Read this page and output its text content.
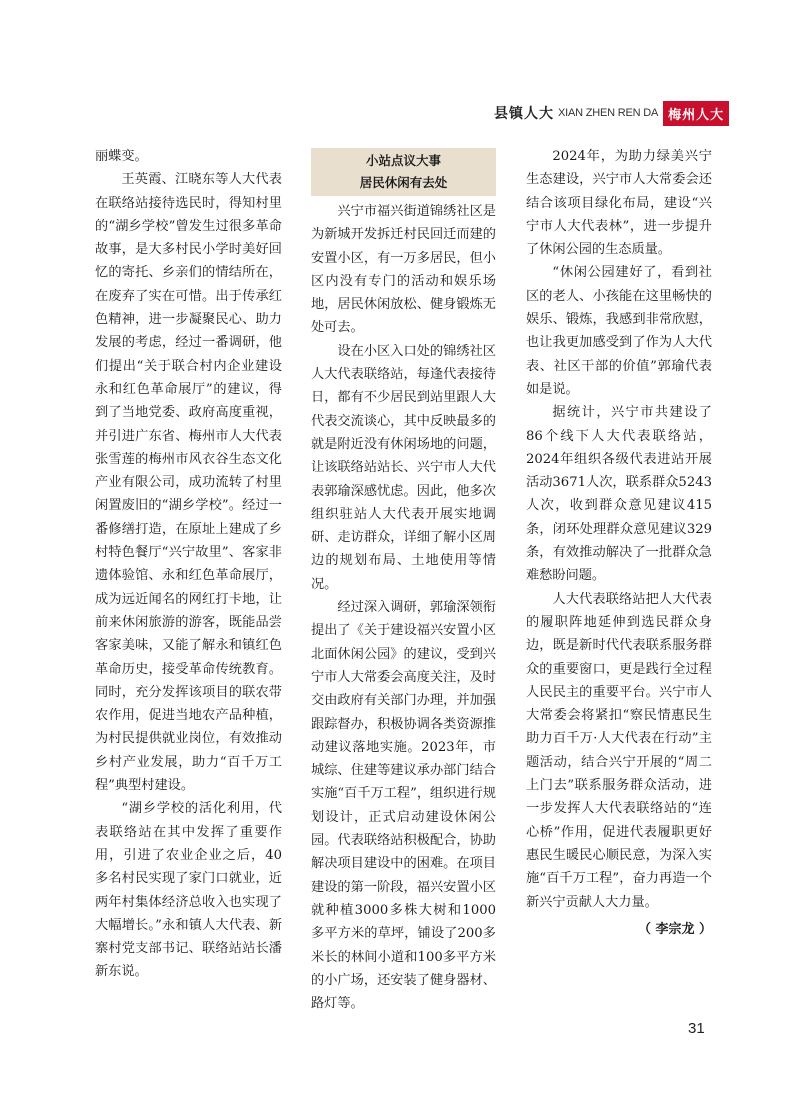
县镇人大 XIAN ZHEN REN DA 梅州人大

丽蝶变。

王英霞、江晓东等人大代表在联络站接待选民时，得知村里的“湖乡学校”曾发生过很多革命故事，是大多村民小学时美好回忆的寄托、乡亲们的情结所在，在废弃了实在可惜。出于传承红色精神，进一步凝聚民心、助力发展的考虑，经过一番调研，他们提出“关于联合村内企业建设永和红色革命展厅”的建议，得到了当地党委、政府高度重视，并引进广东省、梅州市人大代表张雪莲的梅州市风衣谷生态文化产业有限公司，成功流转了村里闲置废旧的“湖乡学校”。经过一番修缮打造，在原址上建成了乡村特色餐厅“兴宁故里”、客家非遗体验馆、永和红色革命展厅，成为远近闻名的网红打卡地，让前来休闲旅游的游客，既能品尝客家美味，又能了解永和镇红色革命历史，接受革命传统教育。同时，充分发挥该项目的联农带农作用，促进当地农产品种植，为村民提供就业岗位，有效推动乡村产业发展，助力“百千万工程”典型村建设。

“湖乡学校的活化利用，代表联络站在其中发挥了重要作用，引进了农业企业之后，40多名村民实现了家门口就业，近两年村集体经济总收入也实现了大幅增长。”永和镇人大代表、新寨村党支部书记、联络站站长潘新东说。

小站点议大事
居民休闲有去处

兴宁市福兴街道锦绣社区是为新城开发拆迁村民回迁而建的安置小区，有一万多居民，但小区内没有专门的活动和娱乐场地，居民休闲放松、健身锻炼无处可去。

设在小区入口处的锦绣社区人大代表联络站，每逢代表接待日，都有不少居民到站里跟人大代表交流谈心，其中反映最多的就是附近没有休闲场地的问题，让该联络站站长、兴宁市人大代表郭瑜深感忧虑。因此，他多次组织驻站人大代表开展实地调研、走访群众，详细了解小区周边的规划布局、土地使用等情况。

经过深入调研，郭瑜深领衔提出了《关于建设福兴安置小区北面休闲公园》的建议，受到兴宁市人大常委会高度关注，及时交由政府有关部门办理，并加强跟踪督办，积极协调各类资源推动建议落地实施。2023年，市城综、住建等建议承办部门结合实施“百千万工程”，组织进行规划设计，正式启动建设休闲公园。代表联络站积极配合，协助解决项目建设中的困难。在项目建设的第一阶段，福兴安置小区就种植3000多株大树和1000多平方米的草坪，铺设了200多米长的林间小道和100多平方米的小广场，还安装了健身器材、路灯等。

2024年，为助力绿美兴宁生态建设，兴宁市人大常委会还结合该项目绿化布局，建设“兴宁市人大代表林”，进一步提升了休闲公园的生态质量。

“休闲公园建好了，看到社区的老人、小孩能在这里畅快的娱乐、锻炼，我感到非常欣慰，也让我更加感受到了作为人大代表、社区干部的价值”郭瑜代表如是说。

据统计，兴宁市共建设了86个线下人大代表联络站，2024年组织各级代表进站开展活动3671人次，联系群众5243人次，收到群众意见建议415条，闭环处理群众意见建议329条，有效推动解决了一批群众急难愁盼问题。

人大代表联络站把人大代表的履职阵地延伸到选民群众身边，既是新时代代表联系服务群众的重要窗口，更是践行全过程人民民主的重要平台。兴宁市人大常委会将紧扣“察民情惠民生助力百千万·人大代表在行动”主题活动，结合兴宁开展的“周二上门去”联系服务群众活动，进一步发挥人大代表联络站的“连心桥”作用，促进代表履职更好惠民生暖民心顺民意，为深入实施“百千万工程”，奋力再造一个新兴宁贡献人大力量。

（ 李宗龙 ）
31
